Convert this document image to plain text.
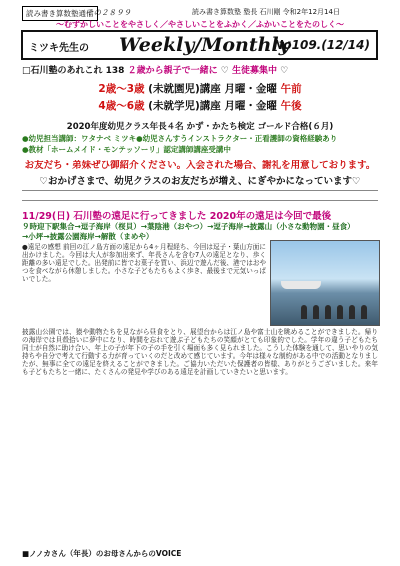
読み書き算数塾通信
その２８９９	読み書き算数塾 塾長 石川剛 令和2年12月14日
～むずかしいことをやさしく／やさしいことをふかく／ふかいことをたのしく～
ミツキ先生の Weekly/Monthly
No109.(12/14)
□石川塾のあれこれ 138 ２歳から親子で一緒に ♡ 生徒募集中 ♡
2歳～3歳 (未就園児)講座 月曜・金曜 午前
4歳～6歳 (未就学児)講座 月曜・金曜 午後
2020年度幼児クラス年長４名 かず・かたち検定 ゴールド合格(６月)
●幼児担当講師：ワタナベ ミツキ●幼児さんすうインストラクター・正看護師の資格経験あり
●教材「ホームメイド・モンテッソーリ」認定講師講座受講中
お友だち・弟妹ぜひ御紹介ください。入会された場合、謝礼を用意しております。
♡おかげさまで、幼児クラスのお友だちが増え、にぎやかになっています♡
11/29(日) 石川塾の遠足に行ってきました 2020年の遠足は今回で最後
９時迎下駅集合→逗子海岸（桜貝）→葉陰港（おやつ）→逗子海岸→披露山（小さな動物園・昼食）
→小坪→披露公園海岸→解散（まめや）
●遠足の感想 前回の江ノ島方面の遠足から4ヶ月程経ち、今回は逗子・葉山方面に出かけました。今回は大人が参加出来ず、年長さんを含む7人の遠足となり、歩く距離の多い遠足でした。出発前に皆でお菓子を買い、浜辺で遊んだ後、港ではおやつを食べながら休憩しました。小さな子どもたちもよく歩き、最後まで元気いっぱいでした。
披露山公園では、猿や動物たちを見ながら昼食をとり、展望台からは江ノ島や富士山を眺めることができました。帰りの海岸では貝殻拾いに夢中になり、時間を忘れて遊ぶ子どもたちの笑顔がとても印象的でした。学年の違う子どもたち同士が自然に助け合い、年上の子が年下の子の手を引く場面も多く見られました。こうした体験を通して、思いやりの気持ちや自分で考えて行動する力が育っていくのだと改めて感じています。今年は様々な制約がある中での活動となりましたが、無事に全ての遠足を終えることができました。ご協力いただいた保護者の皆様、ありがとうございました。来年も子どもたちと一緒に、たくさんの発見や学びのある遠足を計画していきたいと思います。
■ノノカさん（年長）のお母さんからのVOICE
